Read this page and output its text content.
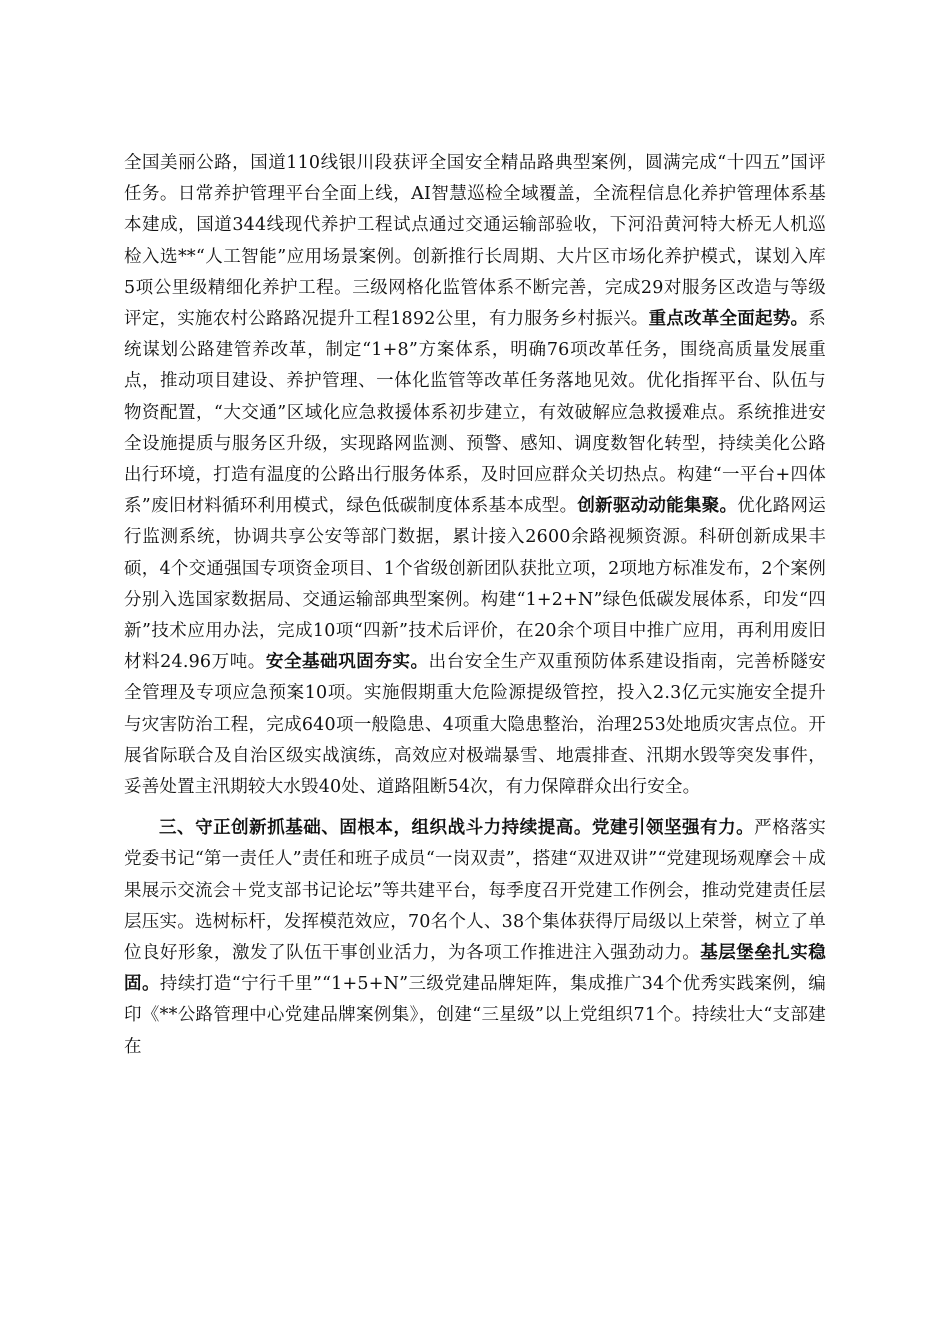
全国美丽公路，国道110线银川段获评全国安全精品路典型案例，圆满完成“十四五”国评任务。日常养护管理平台全面上线，AI智慧巡检全域覆盖，全流程信息化养护管理体系基本建成，国道344线现代养护工程试点通过交通运输部验收，下河沿黄河特大桥无人机巡检入选**“人工智能”应用场景案例。创新推行长周期、大片区市场化养护模式，谋划入库5项公里级精细化养护工程。三级网格化监管体系不断完善，完成29对服务区改造与等级评定，实施农村公路路况提升工程1892公里，有力服务乡村振兴。重点改革全面起势。系统谋划公路建管养改革，制定“1+8”方案体系，明确76项改革任务，围绕高质量发展重点，推动项目建设、养护管理、一体化监管等改革任务落地见效。优化指挥平台、队伍与物资配置，“大交通”区域化应急救援体系初步建立，有效破解应急救援难点。系统推进安全设施提质与服务区升级，实现路网监测、预警、感知、调度数智化转型，持续美化公路出行环境，打造有温度的公路出行服务体系，及时回应群众关切热点。构建“一平台+四体系”废旧材料循环利用模式，绿色低碳制度体系基本成型。创新驱动动能集聚。优化路网运行监测系统，协调共享公安等部门数据，累计接入2600余路视频资源。科研创新成果丰硕，4个交通强国专项资金项目、1个省级创新团队获批立项，2项地方标准发布，2个案例分别入选国家数据局、交通运输部典型案例。构建“1+2+N”绿色低碳发展体系，印发“四新”技术应用办法，完成10项“四新”技术后评价，在20余个项目中推广应用，再利用废旧材料24.96万吨。安全基础巩固夯实。出台安全生产双重预防体系建设指南，完善桥隧安全管理及专项应急预案10项。实施假期重大危险源提级管控，投入2.3亿元实施安全提升与灾害防治工程，完成640项一般隐患、4项重大隐患整治，治理253处地质灾害点位。开展省际联合及自治区级实战演练，高效应对极端暴雪、地震排查、汛期水毁等突发事件，妥善处置主汛期较大水毁40处、道路阻断54次，有力保障群众出行安全。

三、守正创新抓基础、固根本，组织战斗力持续提高。党建引领坚强有力。严格落实党委书记“第一责任人”责任和班子成员“一岗双责”，搭建“双进双讲”“党建现场观摩会＋成果展示交流会＋党支部书记论坛”等共建平台，每季度召开党建工作例会，推动党建责任层层压实。选树标杆，发挥模范效应，70名个人、38个集体获得厅局级以上荣誉，树立了单位良好形象，激发了队伍干事创业活力，为各项工作推进注入强劲动力。基层堡垒扎实稳固。持续打造“宁行千里”“1+5+N”三级党建品牌矩阵，集成推广34个优秀实践案例，编印《**公路管理中心党建品牌案例集》，创建“三星级”以上党组织71个。持续壮大“支部建在
